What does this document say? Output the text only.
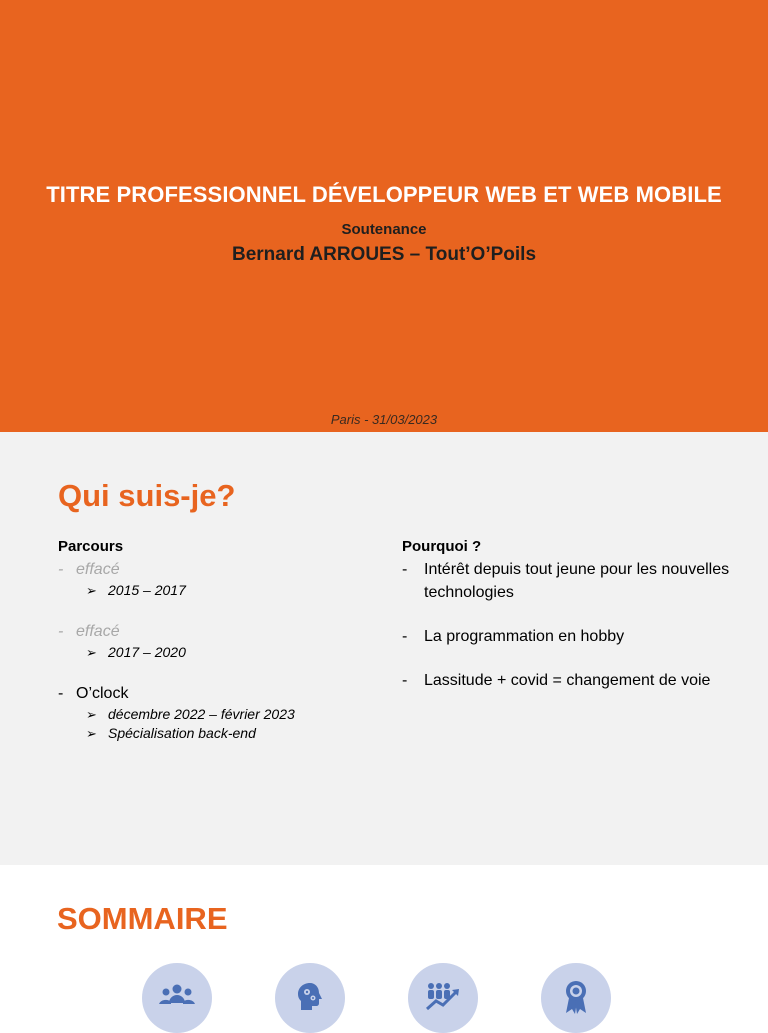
TITRE PROFESSIONNEL DÉVELOPPEUR WEB ET WEB MOBILE
Soutenance
Bernard ARROUES – Tout’O’Poils
Paris - 31/03/2023
Qui suis-je?
Parcours
- effacé
➢ 2015 – 2017
- effacé
➢ 2017 – 2020
- O’clock
➢ décembre 2022 – février 2023
➢ Spécialisation back-end
Pourquoi ?
-	Intérêt depuis tout jeune pour les nouvelles technologies
-	La programmation en hobby
-	Lassitude + covid = changement de voie
SOMMAIRE
